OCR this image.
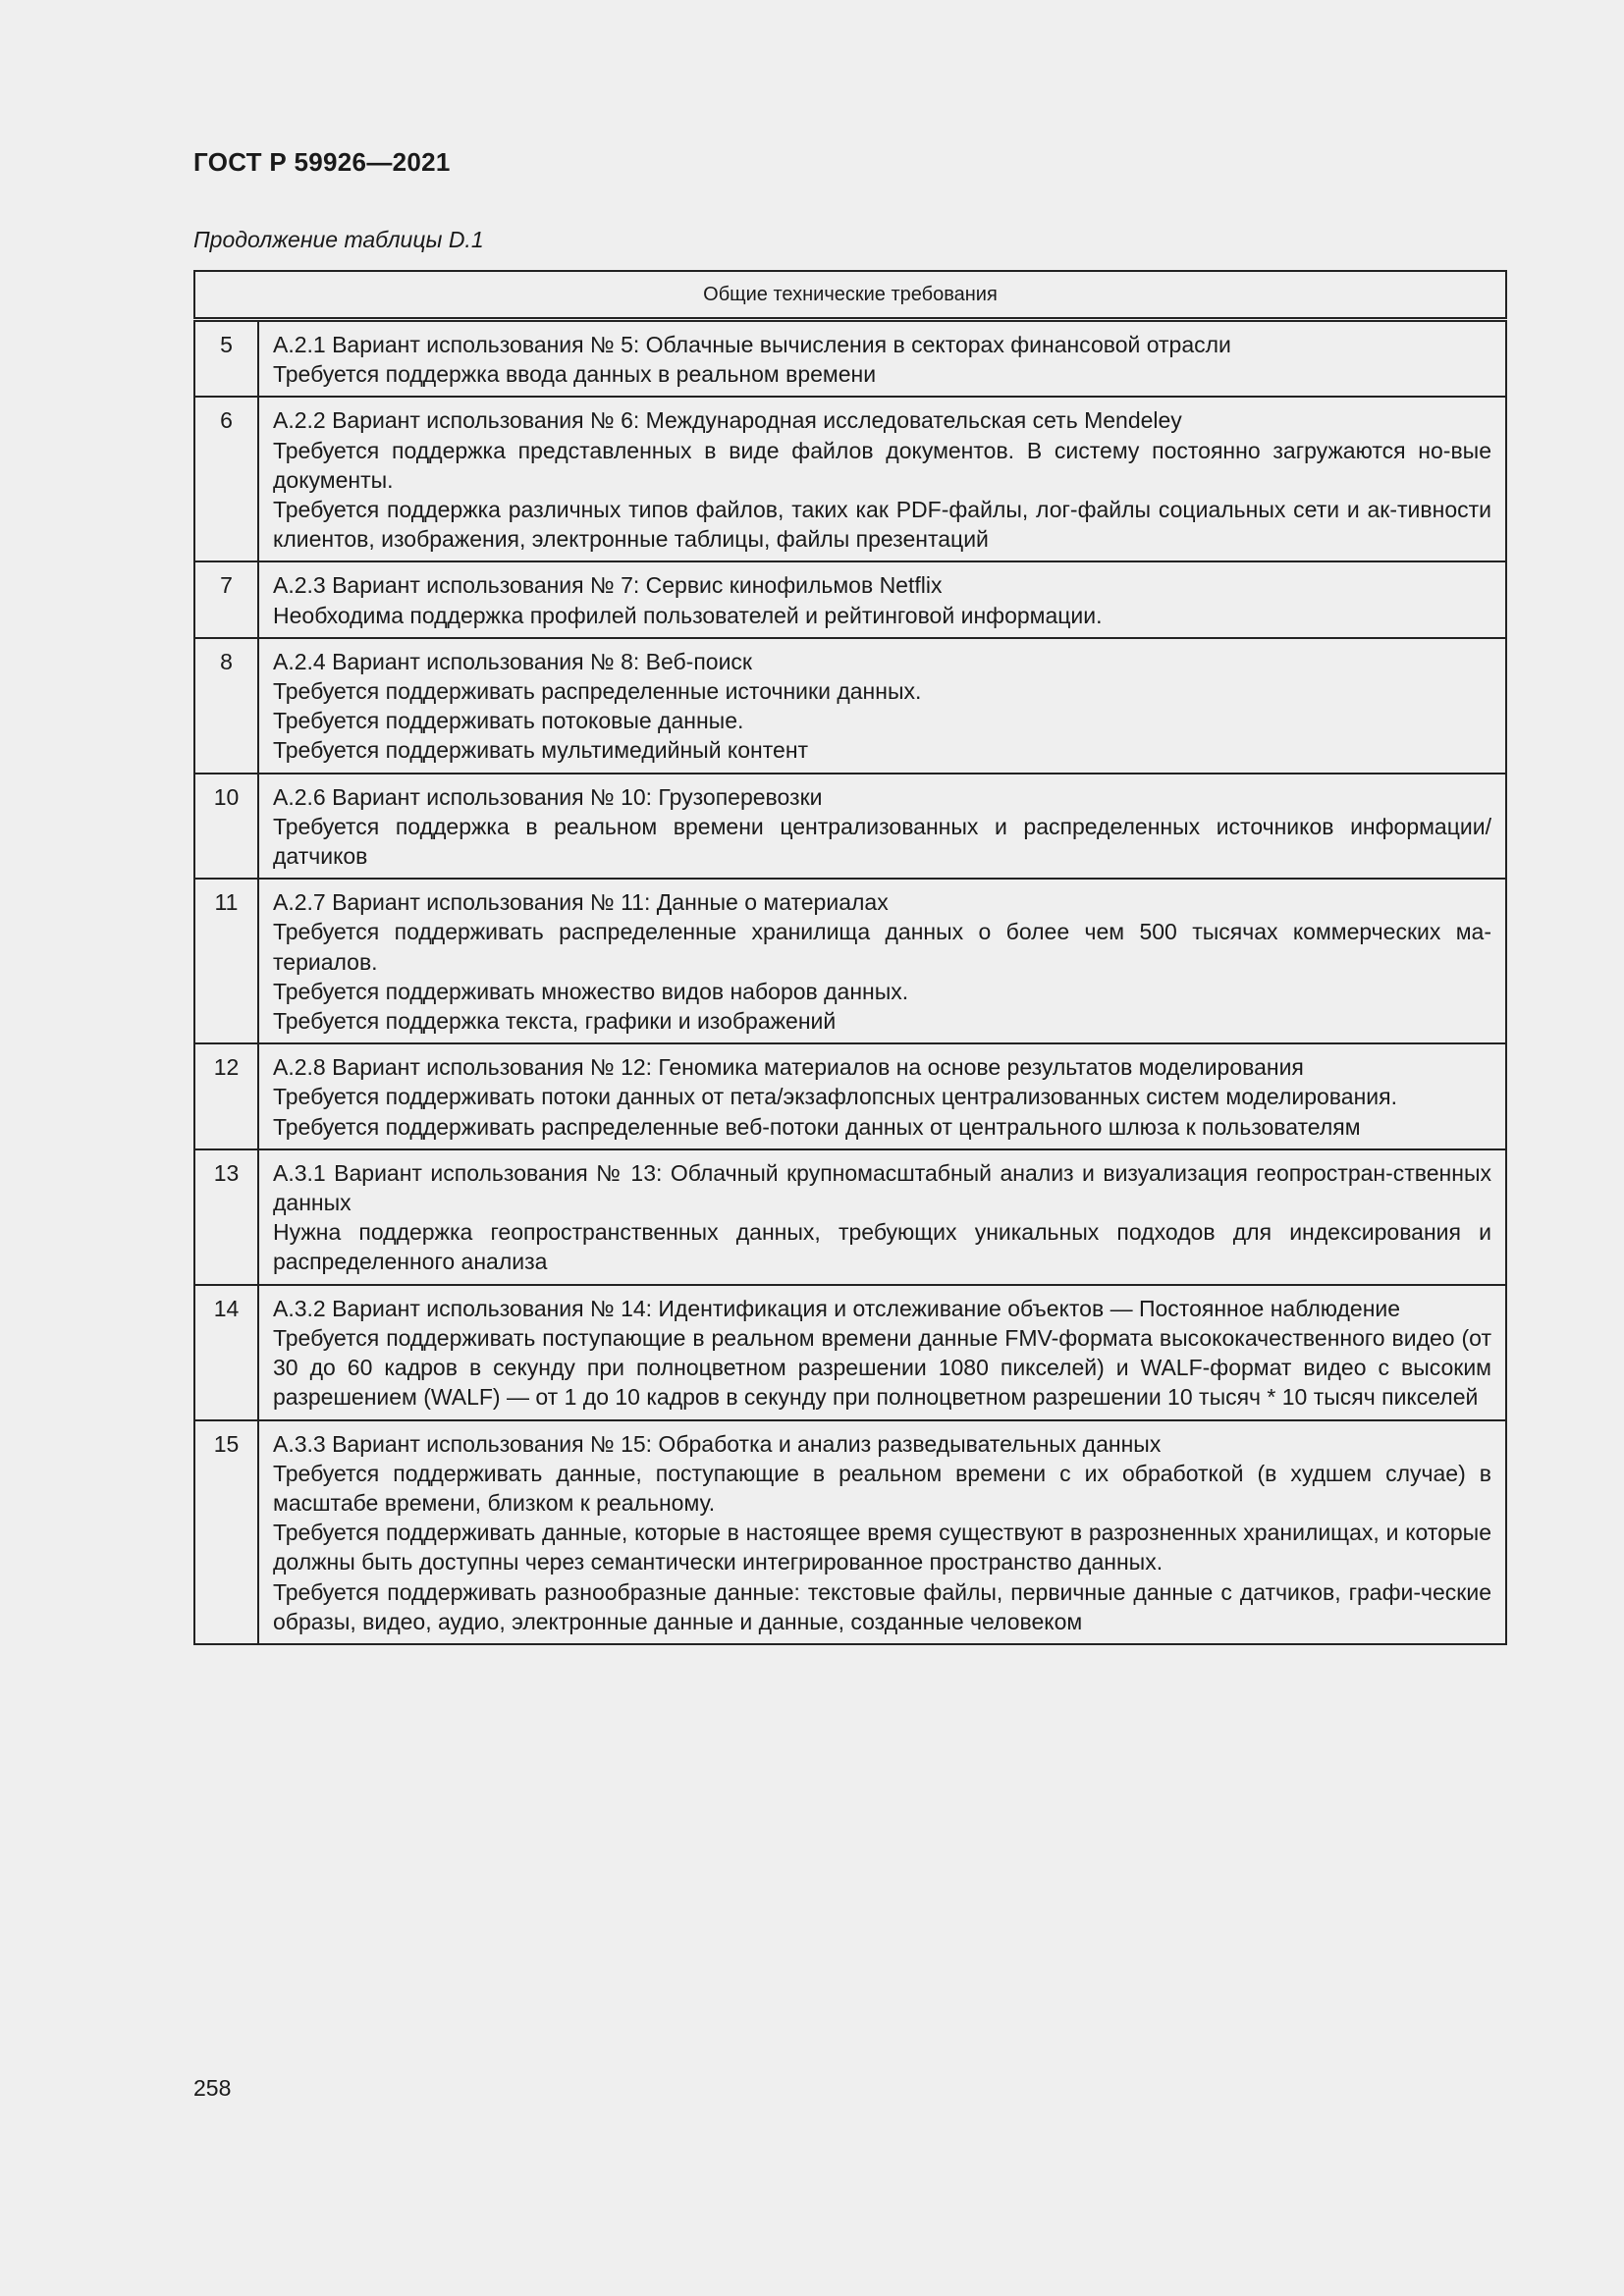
ГОСТ Р 59926—2021
Продолжение таблицы D.1
Общие технические требования	
5	А.2.1 Вариант использования № 5: Облачные вычисления в секторах финансовой отрасли
Требуется поддержка ввода данных в реальном времени

6	А.2.2 Вариант использования № 6: Международная исследовательская сеть Mendeley
Требуется поддержка представленных в виде файлов документов. В систему постоянно загружаются но-вые документы.
Требуется поддержка различных типов файлов, таких как PDF-файлы, лог-файлы социальных сети и ак-тивности клиентов, изображения, электронные таблицы, файлы презентаций

7	А.2.3 Вариант использования № 7: Сервис кинофильмов Netflix
Необходима поддержка профилей пользователей и рейтинговой информации.

8	А.2.4 Вариант использования № 8: Веб-поиск
Требуется поддерживать распределенные источники данных.
Требуется поддерживать потоковые данные.
Требуется поддерживать мультимедийный контент

10	А.2.6 Вариант использования № 10: Грузоперевозки
Требуется поддержка в реальном времени централизованных и распределенных источников информации/датчиков

11	А.2.7 Вариант использования № 11: Данные о материалах
Требуется поддерживать распределенные хранилища данных о более чем 500 тысячах коммерческих ма-териалов.
Требуется поддерживать множество видов наборов данных.
Требуется поддержка текста, графики и изображений

12	А.2.8 Вариант использования № 12: Геномика материалов на основе результатов моделирования
Требуется поддерживать потоки данных от пета/экзафлопсных централизованных систем моделирования.
Требуется поддерживать распределенные веб-потоки данных от центрального шлюза к пользователям

13	А.3.1 Вариант использования № 13: Облачный крупномасштабный анализ и визуализация геопростран-ственных данных
Нужна поддержка геопространственных данных, требующих уникальных подходов для индексирования и распределенного анализа

14	А.3.2 Вариант использования № 14: Идентификация и отслеживание объектов — Постоянное наблюдение
Требуется поддерживать поступающие в реальном времени данные FMV-формата высококачественного видео (от 30 до 60 кадров в секунду при полноцветном разрешении 1080 пикселей) и WALF-формат видео с высоким разрешением (WALF) — от 1 до 10 кадров в секунду при полноцветном разрешении 10 тысяч * 10 тысяч пикселей

15	А.3.3 Вариант использования № 15: Обработка и анализ разведывательных данных
Требуется поддерживать данные, поступающие в реальном времени с их обработкой (в худшем случае) в масштабе времени, близком к реальному.
Требуется поддерживать данные, которые в настоящее время существуют в разрозненных хранилищах, и которые должны быть доступны через семантически интегрированное пространство данных.
Требуется поддерживать разнообразные данные: текстовые файлы, первичные данные с датчиков, графи-ческие образы, видео, аудио, электронные данные и данные, созданные человеком
258
